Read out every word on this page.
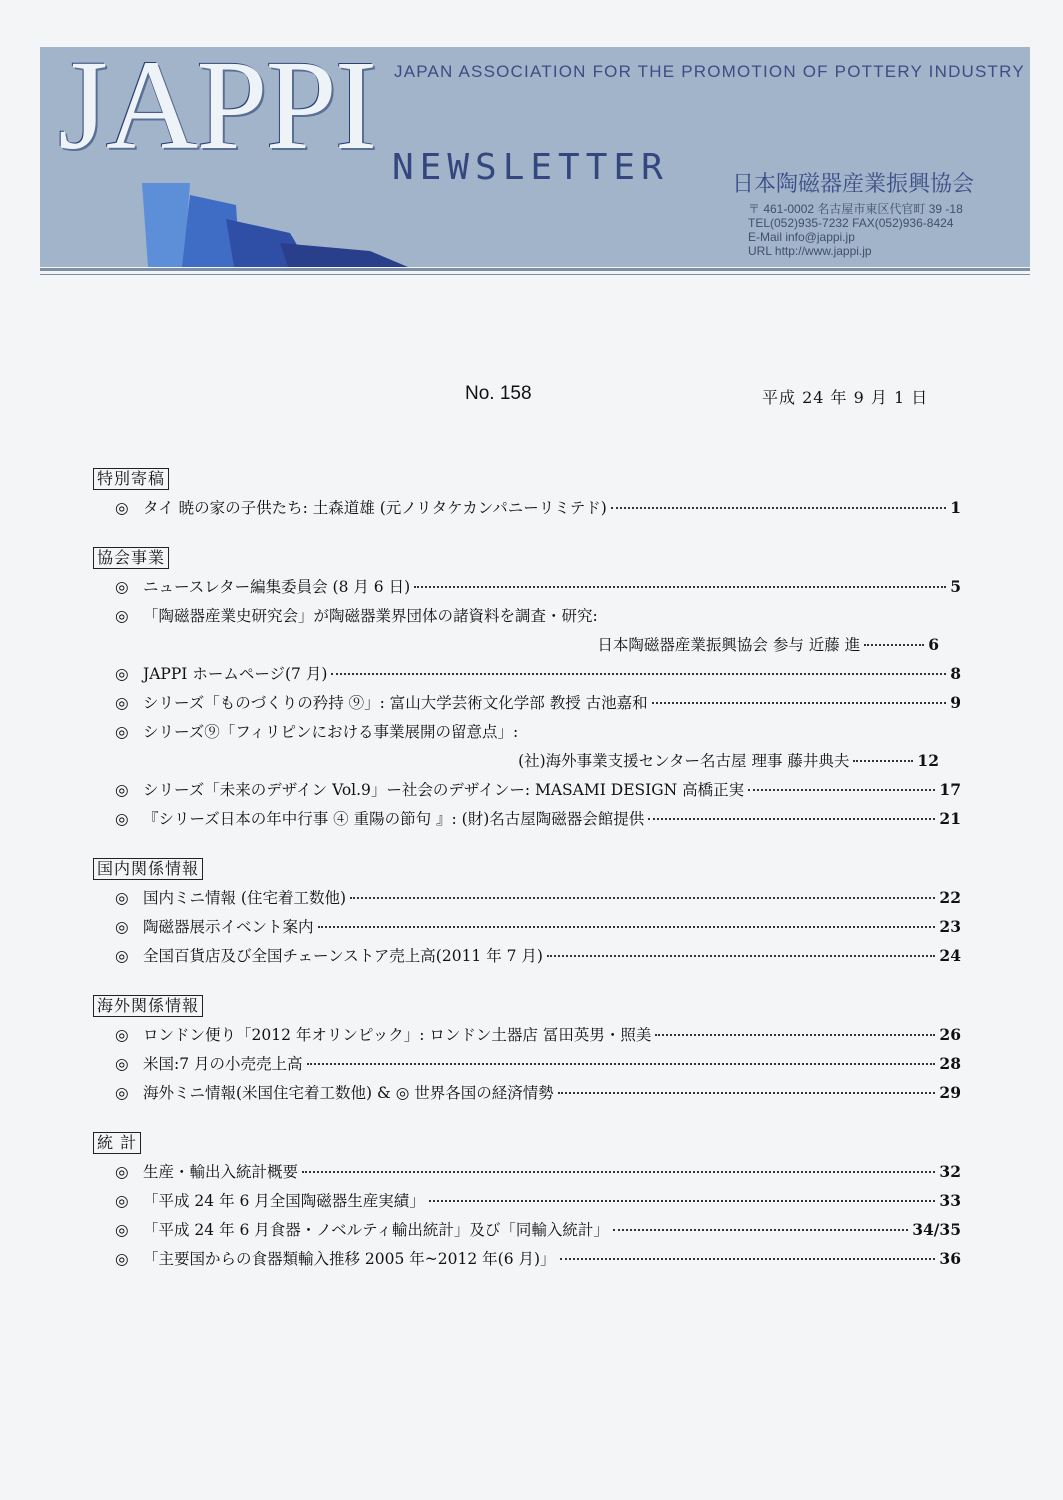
JAPPI JAPAN ASSOCIATION FOR THE PROMOTION OF POTTERY INDUSTRY
NEWSLETTER	日本陶磁器産業振興協会
〒 461-0002 名古屋市東区代官町 39 -18
TEL(052)935-7232 FAX(052)936-8424
E-Mail info@jappi.jp
URL http://www.jappi.jp
No. 158	平成 24 年 9 月 1 日
特別寄稿
◎ タイ 暁の家の子供たち: 土森道雄 (元ノリタケカンパニーリミテド)	1
協会事業
◎ ニュースレター編集委員会 (8 月 6 日)	5
◎ 「陶磁器産業史研究会」が陶磁器業界団体の諸資料を調査・研究:
日本陶磁器産業振興協会 参与 近藤 進	6
◎ JAPPI ホームページ(7 月)	8
◎ シリーズ「ものづくりの矜持 ⑨」: 富山大学芸術文化学部 教授 古池嘉和	9
◎ シリーズ⑨「フィリピンにおける事業展開の留意点」:
(社)海外事業支援センター名古屋 理事 藤井典夫	12
◎ シリーズ「未来のデザイン Vol.9」ー社会のデザインー: MASAMI DESIGN 高橋正実	17
◎ 『シリーズ日本の年中行事 ④ 重陽の節句 』: (財)名古屋陶磁器会館提供	21
国内関係情報
◎ 国内ミニ情報 (住宅着工数他)	22
◎ 陶磁器展示イベント案内	23
◎ 全国百貨店及び全国チェーンストア売上高(2011 年 7 月)	24
海外関係情報
◎ ロンドン便り「2012 年オリンピック」: ロンドン土器店 冨田英男・照美	26
◎ 米国:7 月の小売売上高	28
◎ 海外ミニ情報(米国住宅着工数他) & ◎ 世界各国の経済情勢	29
統 計
◎ 生産・輸出入統計概要	32
◎ 「平成 24 年 6 月全国陶磁器生産実績」	33
◎ 「平成 24 年 6 月食器・ノベルティ輸出統計」及び「同輸入統計」	34/35
◎ 「主要国からの食器類輸入推移 2005 年~2012 年(6 月)」	36
